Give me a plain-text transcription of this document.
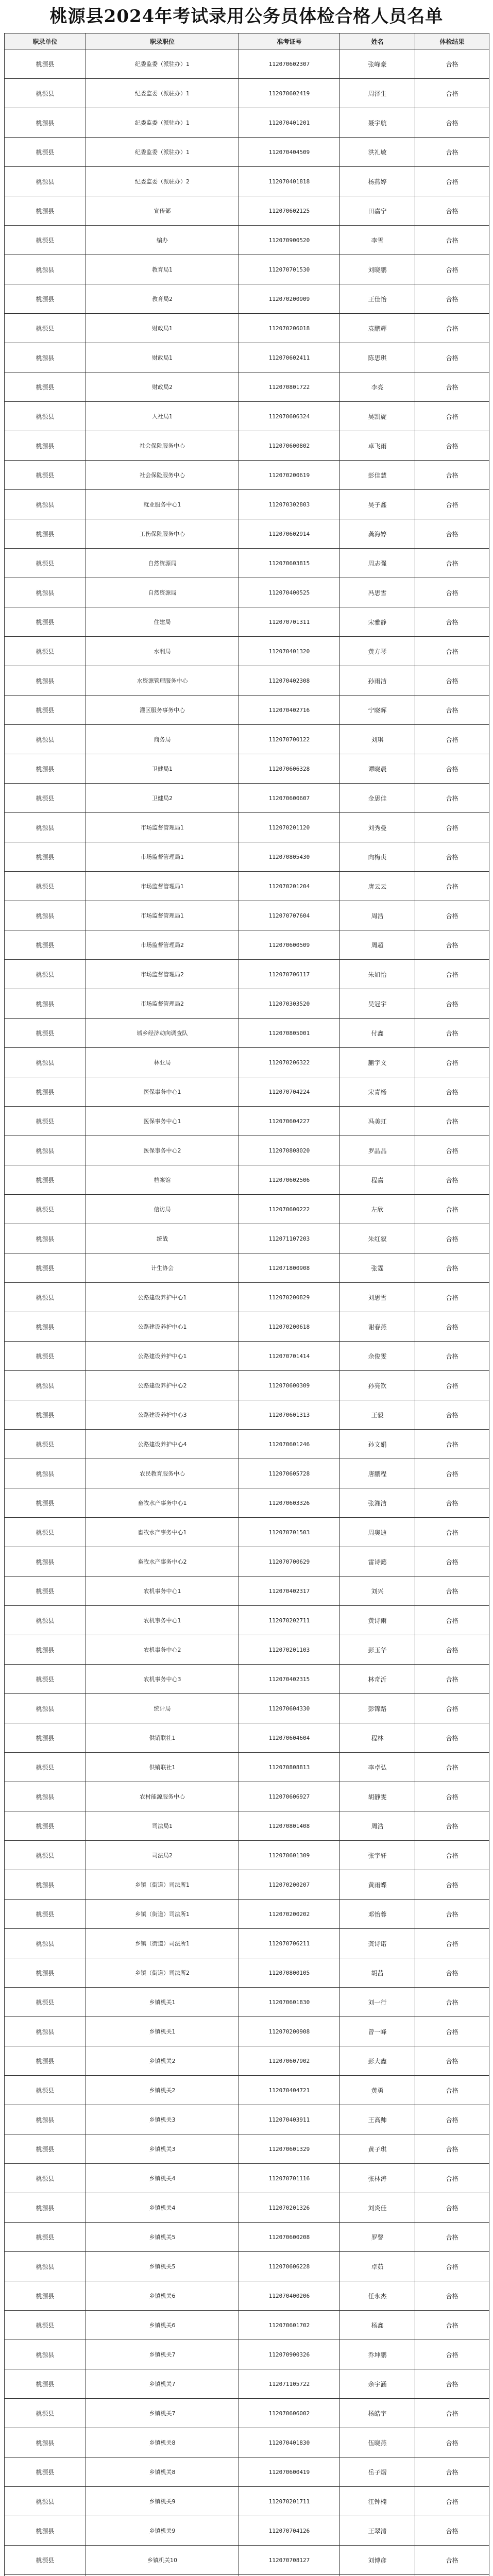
桃源县2024年考试录用公务员体检合格人员名单
职录单位	职录职位	准考证号	姓名	体检结果
桃源县	纪委监委（派驻办）1	112070602307	张峰豪	合格
桃源县	纪委监委（派驻办）1	112070602419	周泽生	合格
桃源县	纪委监委（派驻办）1	112070401201	聂宇航	合格
桃源县	纪委监委（派驻办）1	112070404509	洪礼敏	合格
桃源县	纪委监委（派驻办）2	112070401818	杨燕婷	合格
桃源县	宣传部	112070602125	田嘉宁	合格
桃源县	编办	112070900520	李雪	合格
桃源县	教育局1	112070701530	刘晓鹏	合格
桃源县	教育局2	112070200909	王佳怡	合格
桃源县	财政局1	112070206018	袁鹏辉	合格
桃源县	财政局1	112070602411	陈思琪	合格
桃源县	财政局2	112070801722	李亮	合格
桃源县	人社局1	112070606324	吴凯旋	合格
桃源县	社会保险服务中心	112070600802	卓飞雨	合格
桃源县	社会保险服务中心	112070200619	彭佳慧	合格
桃源县	就业服务中心1	112070302803	吴子鑫	合格
桃源县	工伤保险服务中心	112070602914	龚海婷	合格
桃源县	自然资源局	112070603815	周志强	合格
桃源县	自然资源局	112070400525	冯思雪	合格
桃源县	住建局	112070701311	宋雅静	合格
桃源县	水利局	112070401320	黄方琴	合格
桃源县	水资源管理服务中心	112070402308	孙雨洁	合格
桃源县	灌区服务事务中心	112070402716	宁晓晖	合格
桃源县	商务局	112070700122	刘琪	合格
桃源县	卫健局1	112070606328	谭晓晨	合格
桃源县	卫健局2	112070600607	金思佳	合格
桃源县	市场监督管理局1	112070201120	刘秀曼	合格
桃源县	市场监督管理局1	112070805430	向梅贞	合格
桃源县	市场监督管理局1	112070201204	唐云云	合格
桃源县	市场监督管理局1	112070707604	周浩	合格
桃源县	市场监督管理局2	112070600509	周超	合格
桃源县	市场监督管理局2	112070706117	朱如怡	合格
桃源县	市场监督管理局2	112070303520	吴冠宇	合格
桃源县	城乡经济动向调查队	112070805001	付鑫	合格
桃源县	林业局	112070206322	蒯宇文	合格
桃源县	医保事务中心1	112070704224	宋青杨	合格
桃源县	医保事务中心1	112070604227	冯美虹	合格
桃源县	医保事务中心2	112070808020	罗晶晶	合格
桃源县	档案馆	112070602506	程嘉	合格
桃源县	信访局	112070600222	左欣	合格
桃源县	统战	112071107203	朱红叙	合格
桃源县	计生协会	112071800908	张霆	合格
桃源县	公路建设养护中心1	112070200829	刘思雪	合格
桃源县	公路建设养护中心1	112070200618	谢春燕	合格
桃源县	公路建设养护中心1	112070701414	余俊雯	合格
桃源县	公路建设养护中心2	112070600309	孙亮钦	合格
桃源县	公路建设养护中心3	112070601313	王毅	合格
桃源县	公路建设养护中心4	112070601246	孙文娟	合格
桃源县	农民教育服务中心	112070605728	唐鹏程	合格
桃源县	畜牧水产事务中心1	112070603326	张湘洁	合格
桃源县	畜牧水产事务中心1	112070701503	周奥迪	合格
桃源县	畜牧水产事务中心2	112070700629	雷诗懿	合格
桃源县	农机事务中心1	112070402317	刘兴	合格
桃源县	农机事务中心1	112070202711	黄诗雨	合格
桃源县	农机事务中心2	112070201103	彭玉华	合格
桃源县	农机事务中心3	112070402315	林奇沂	合格
桃源县	统计局	112070604330	彭锦路	合格
桃源县	供销联社1	112070604604	程林	合格
桃源县	供销联社1	112070808813	李卓弘	合格
桃源县	农村能源服务中心	112070606927	胡静雯	合格
桃源县	司法局1	112070801408	周浩	合格
桃源县	司法局2	112070601309	张宇轩	合格
桃源县	乡镇（街道）司法所1	112070200207	黄雨蝶	合格
桃源县	乡镇（街道）司法所1	112070200202	邓怡蓉	合格
桃源县	乡镇（街道）司法所1	112070706211	龚诗诺	合格
桃源县	乡镇（街道）司法所2	112070800105	胡茜	合格
桃源县	乡镇机关1	112070601830	刘一行	合格
桃源县	乡镇机关1	112070200908	曾一峰	合格
桃源县	乡镇机关2	112070607902	彭大鑫	合格
桃源县	乡镇机关2	112070404721	黄勇	合格
桃源县	乡镇机关3	112070403911	王高帅	合格
桃源县	乡镇机关3	112070601329	黄子琪	合格
桃源县	乡镇机关4	112070701116	张林涛	合格
桃源县	乡镇机关4	112070201326	刘炎佳	合格
桃源县	乡镇机关5	112070600208	罗謦	合格
桃源县	乡镇机关5	112070606228	卓茹	合格
桃源县	乡镇机关6	112070400206	任永杰	合格
桃源县	乡镇机关6	112070601702	杨鑫	合格
桃源县	乡镇机关7	112070900326	乔坤鹏	合格
桃源县	乡镇机关7	112071105722	余宇涵	合格
桃源县	乡镇机关7	112070606002	杨皓宇	合格
桃源县	乡镇机关8	112070401830	伍晓燕	合格
桃源县	乡镇机关8	112070600419	岳子熠	合格
桃源县	乡镇机关9	112070201711	江钟楠	合格
桃源县	乡镇机关9	112070704126	王翠清	合格
桃源县	乡镇机关10	112070708127	刘博彦	合格
